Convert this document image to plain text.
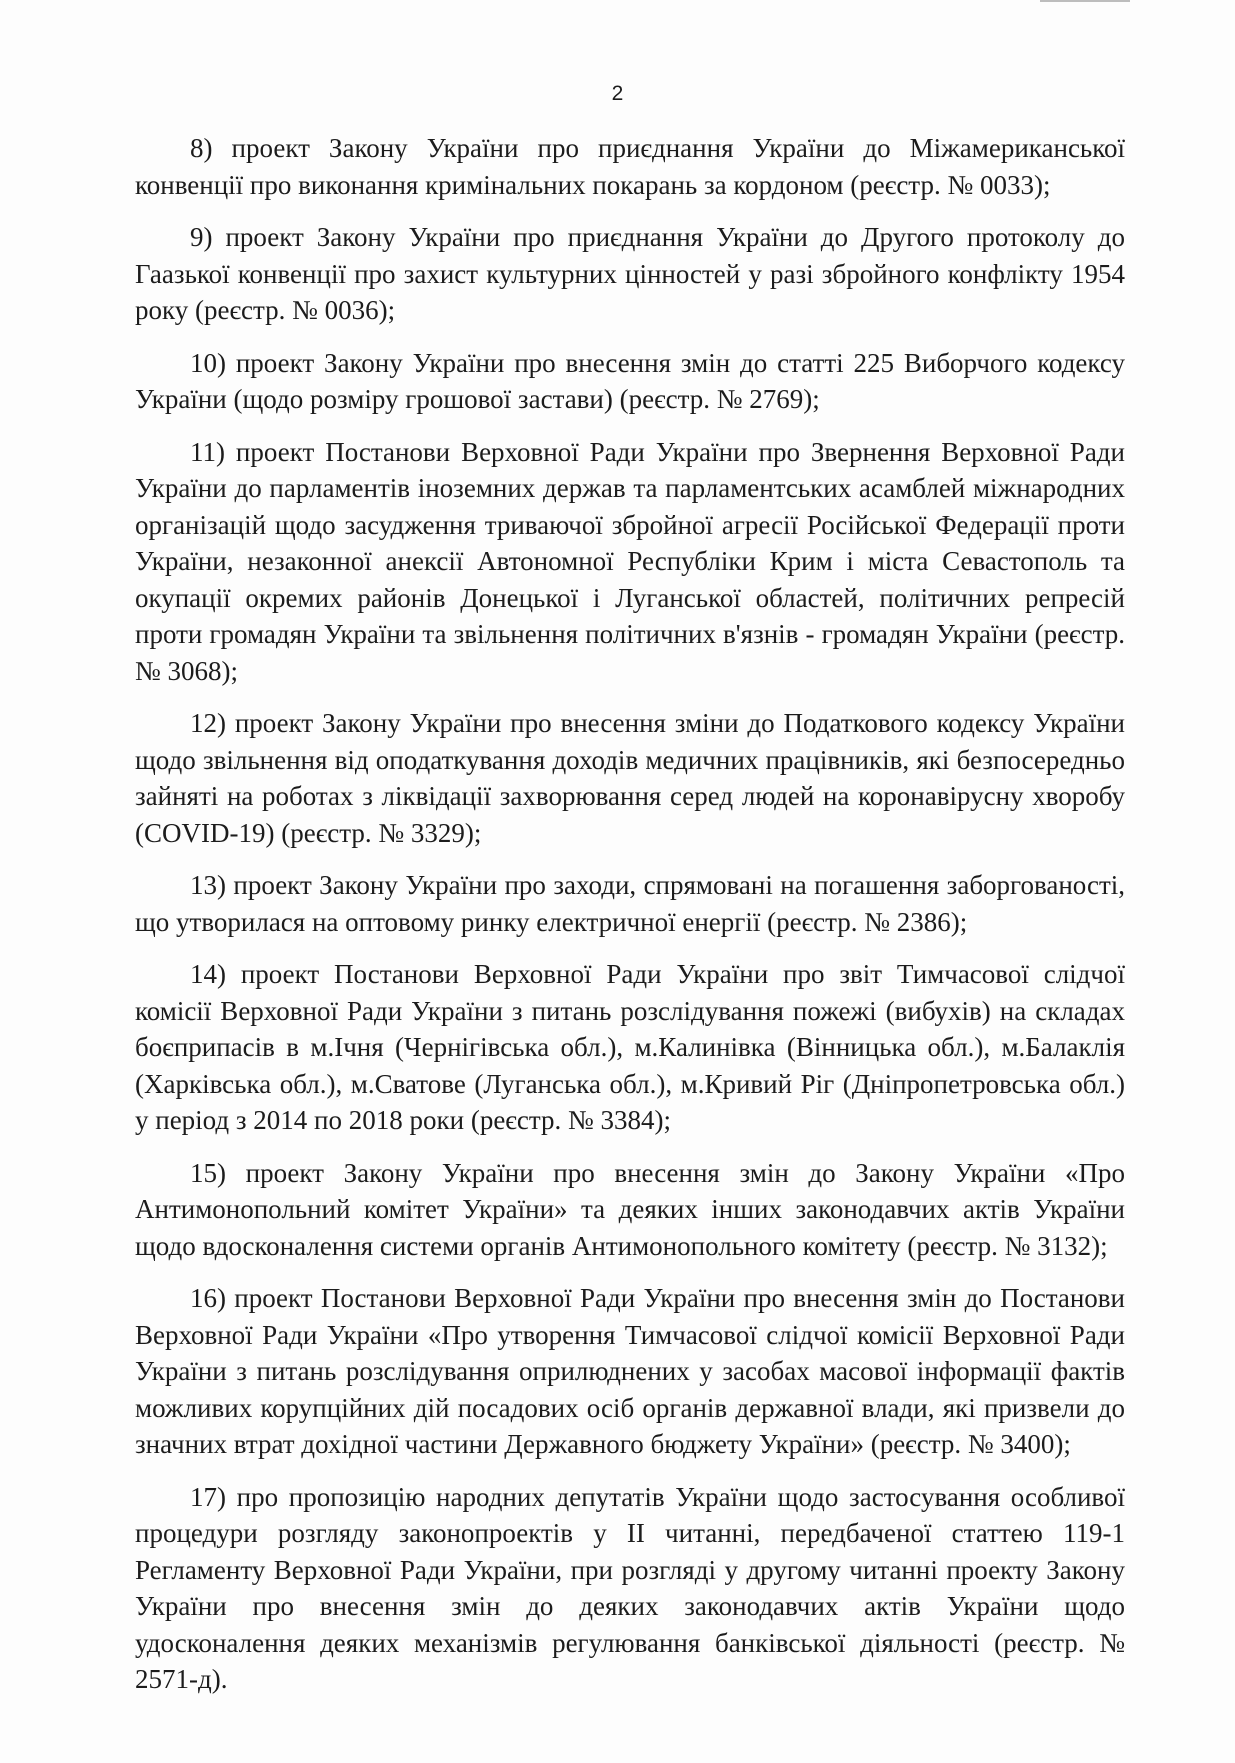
2

8) проект Закону України про приєднання України до Міжамериканської конвенції про виконання кримінальних покарань за кордоном (реєстр. № 0033);

9) проект Закону України про приєднання України до Другого протоколу до Гаазької конвенції про захист культурних цінностей у разі збройного конфлікту 1954 року (реєстр. № 0036);

10) проект Закону України про внесення змін до статті 225 Виборчого кодексу України (щодо розміру грошової застави) (реєстр. № 2769);

11) проект Постанови Верховної Ради України про Звернення Верховної Ради України до парламентів іноземних держав та парламентських асамблей міжнародних організацій щодо засудження триваючої збройної агресії Російської Федерації проти України, незаконної анексії Автономної Республіки Крим і міста Севастополь та окупації окремих районів Донецької і Луганської областей, політичних репресій проти громадян України та звільнення політичних в'язнів - громадян України (реєстр. № 3068);

12) проект Закону України про внесення зміни до Податкового кодексу України щодо звільнення від оподаткування доходів медичних працівників, які безпосередньо зайняті на роботах з ліквідації захворювання серед людей на коронавірусну хворобу (COVID-19) (реєстр. № 3329);

13) проект Закону України про заходи, спрямовані на погашення заборгованості, що утворилася на оптовому ринку електричної енергії (реєстр. № 2386);

14) проект Постанови Верховної Ради України про звіт Тимчасової слідчої комісії Верховної Ради України з питань розслідування пожежі (вибухів) на складах боєприпасів в м.Ічня (Чернігівська обл.), м.Калинівка (Вінницька обл.), м.Балаклія (Харківська обл.), м.Сватове (Луганська обл.), м.Кривий Ріг (Дніпропетровська обл.) у період з 2014 по 2018 роки (реєстр. № 3384);

15) проект Закону України про внесення змін до Закону України «Про Антимонопольний комітет України» та деяких інших законодавчих актів України щодо вдосконалення системи органів Антимонопольного комітету (реєстр. № 3132);

16) проект Постанови Верховної Ради України про внесення змін до Постанови Верховної Ради України «Про утворення Тимчасової слідчої комісії Верховної Ради України з питань розслідування оприлюднених у засобах масової інформації фактів можливих корупційних дій посадових осіб органів державної влади, які призвели до значних втрат дохідної частини Державного бюджету України» (реєстр. № 3400);

17) про пропозицію народних депутатів України щодо застосування особливої процедури розгляду законопроектів у ІІ читанні, передбаченої статтею 119-1 Регламенту Верховної Ради України, при розгляді у другому читанні проекту Закону України про внесення змін до деяких законодавчих актів України щодо удосконалення деяких механізмів регулювання банківської діяльності (реєстр. № 2571-д).
